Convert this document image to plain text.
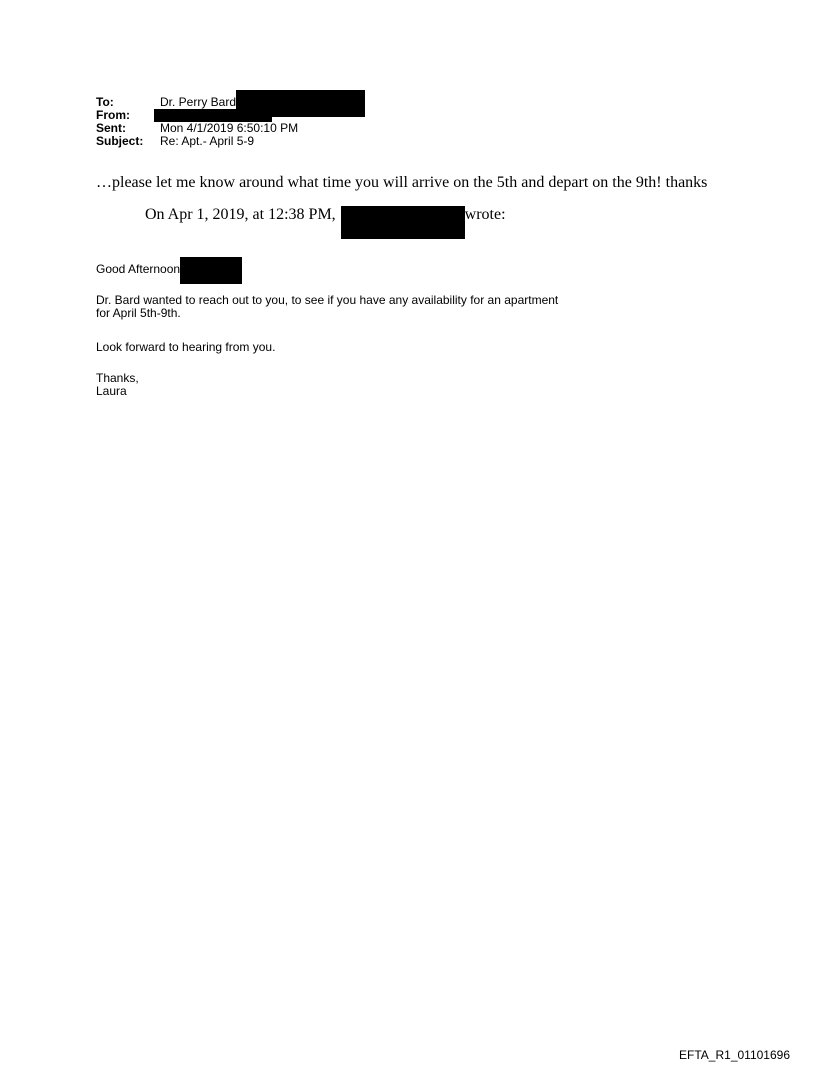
To:	Dr. Perry Bard
From:
Sent:	Mon 4/1/2019 6:50:10 PM
Subject:	Re: Apt.- April 5-9
…please let me know around what time you will arrive on the 5th and depart on the 9th! thanks
On Apr 1, 2019, at 12:38 PM,	wrote:
Good Afternoon
Dr. Bard wanted to reach out to you, to see if you have any availability for an apartment
for April 5th-9th.
Look forward to hearing from you.
Thanks,
Laura
EFTA_R1_01101696
